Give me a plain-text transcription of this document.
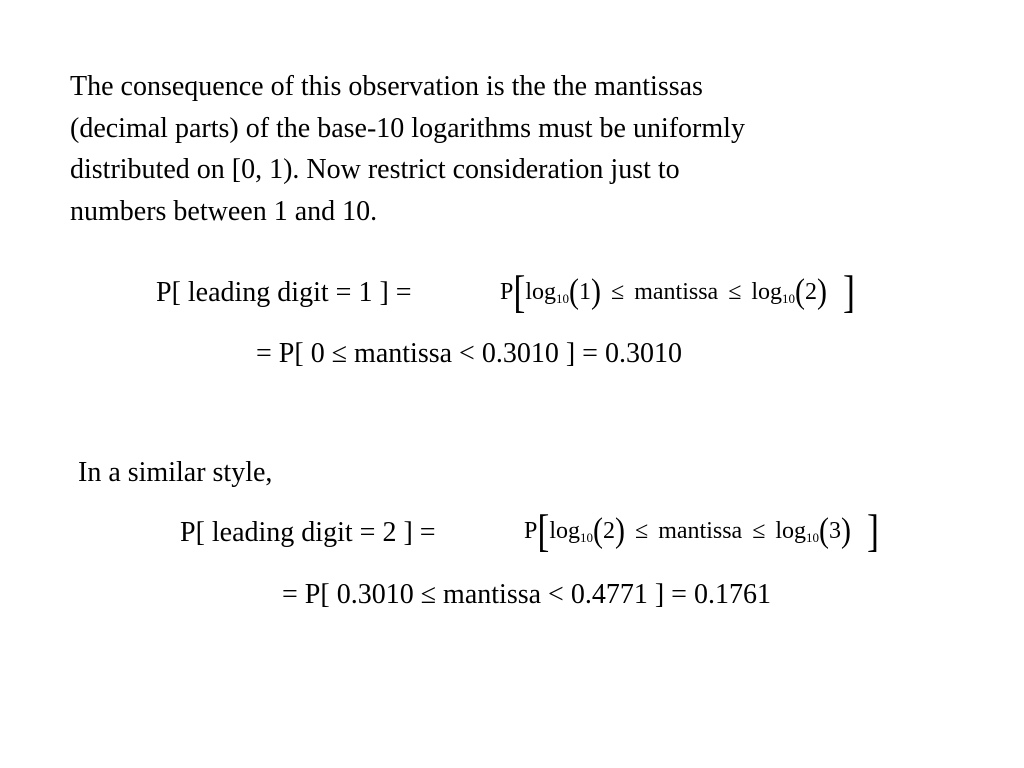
The consequence of this observation is the the mantissas
(decimal parts) of the base-10 logarithms must be uniformly
distributed on [0, 1). Now restrict consideration just to
numbers between 1 and 10.
P[ leading digit = 1 ] =	P [ log 10 ( 1 ) ≤ mantissa ≤ log 10 ( 2 ) ]
= P[ 0 ≤ mantissa < 0.3010 ] = 0.3010
In a similar style,
P[ leading digit = 2 ] =	P [ log 10 ( 2 ) ≤ mantissa ≤ log 10 ( 3 ) ]
= P[ 0.3010 ≤ mantissa < 0.4771 ] = 0.1761
